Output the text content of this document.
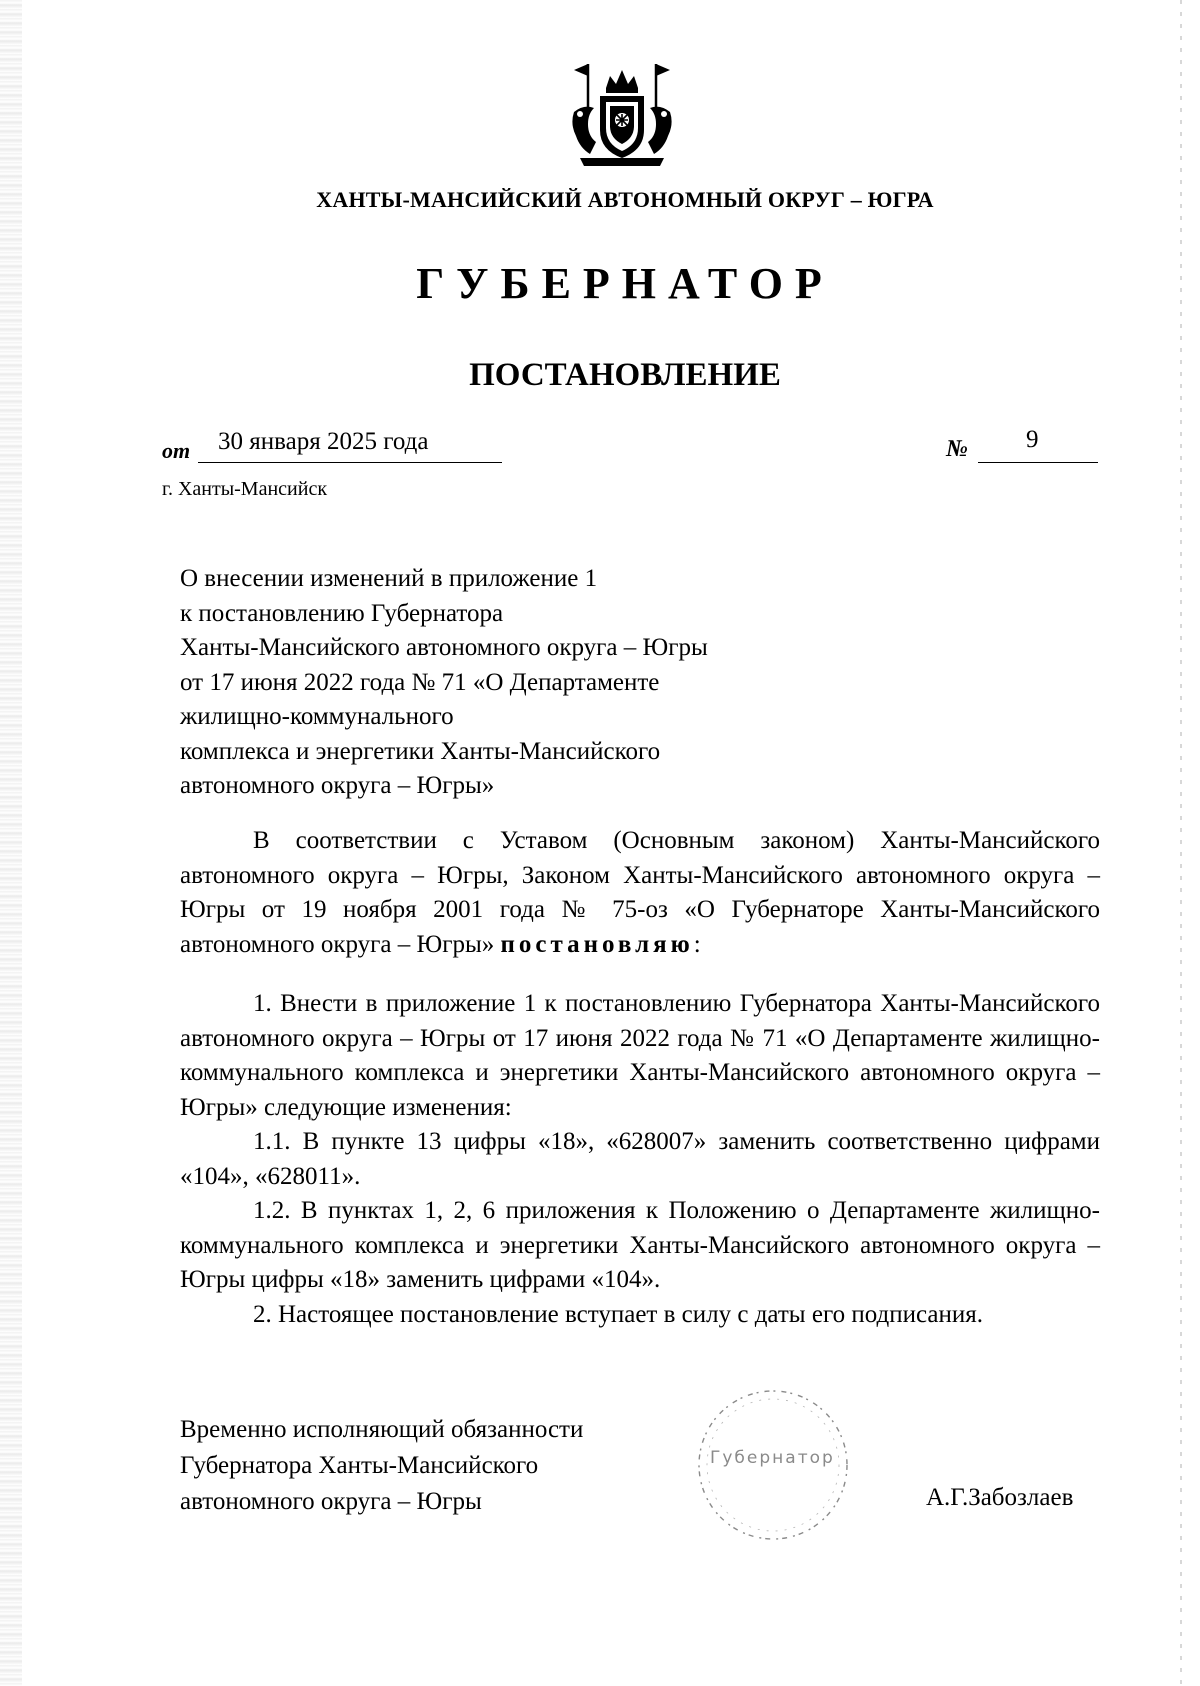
ХАНТЫ-МАНСИЙСКИЙ АВТОНОМНЫЙ ОКРУГ – ЮГРА
ГУБЕРНАТОР
ПОСТАНОВЛЕНИЕ
от 30 января 2025 года	№ 9
г. Ханты-Мансийск
О внесении изменений в приложение 1
к постановлению Губернатора
Ханты-Мансийского автономного округа – Югры
от 17 июня 2022 года № 71 «О Департаменте
жилищно-коммунального
комплекса и энергетики Ханты-Мансийского
автономного округа – Югры»

В соответствии с Уставом (Основным законом) Ханты-Мансийского автономного округа – Югры, Законом Ханты-Мансийского автономного округа – Югры от 19 ноября 2001 года № 75-оз «О Губернаторе Ханты-Мансийского автономного округа – Югры» постановляю:

1. Внести в приложение 1 к постановлению Губернатора Ханты-Мансийского автономного округа – Югры от 17 июня 2022 года № 71 «О Департаменте жилищно-коммунального комплекса и энергетики Ханты-Мансийского автономного округа – Югры» следующие изменения:

1.1. В пункте 13 цифры «18», «628007» заменить соответственно цифрами «104», «628011».

1.2. В пунктах 1, 2, 6 приложения к Положению о Департаменте жилищно-коммунального комплекса и энергетики Ханты-Мансийского автономного округа – Югры цифры «18» заменить цифрами «104».

2. Настоящее постановление вступает в силу с даты его подписания.

Временно исполняющий обязанности
Губернатора Ханты-Мансийского
автономного округа – Югры
Губернатор
А.Г.Забозлаев
